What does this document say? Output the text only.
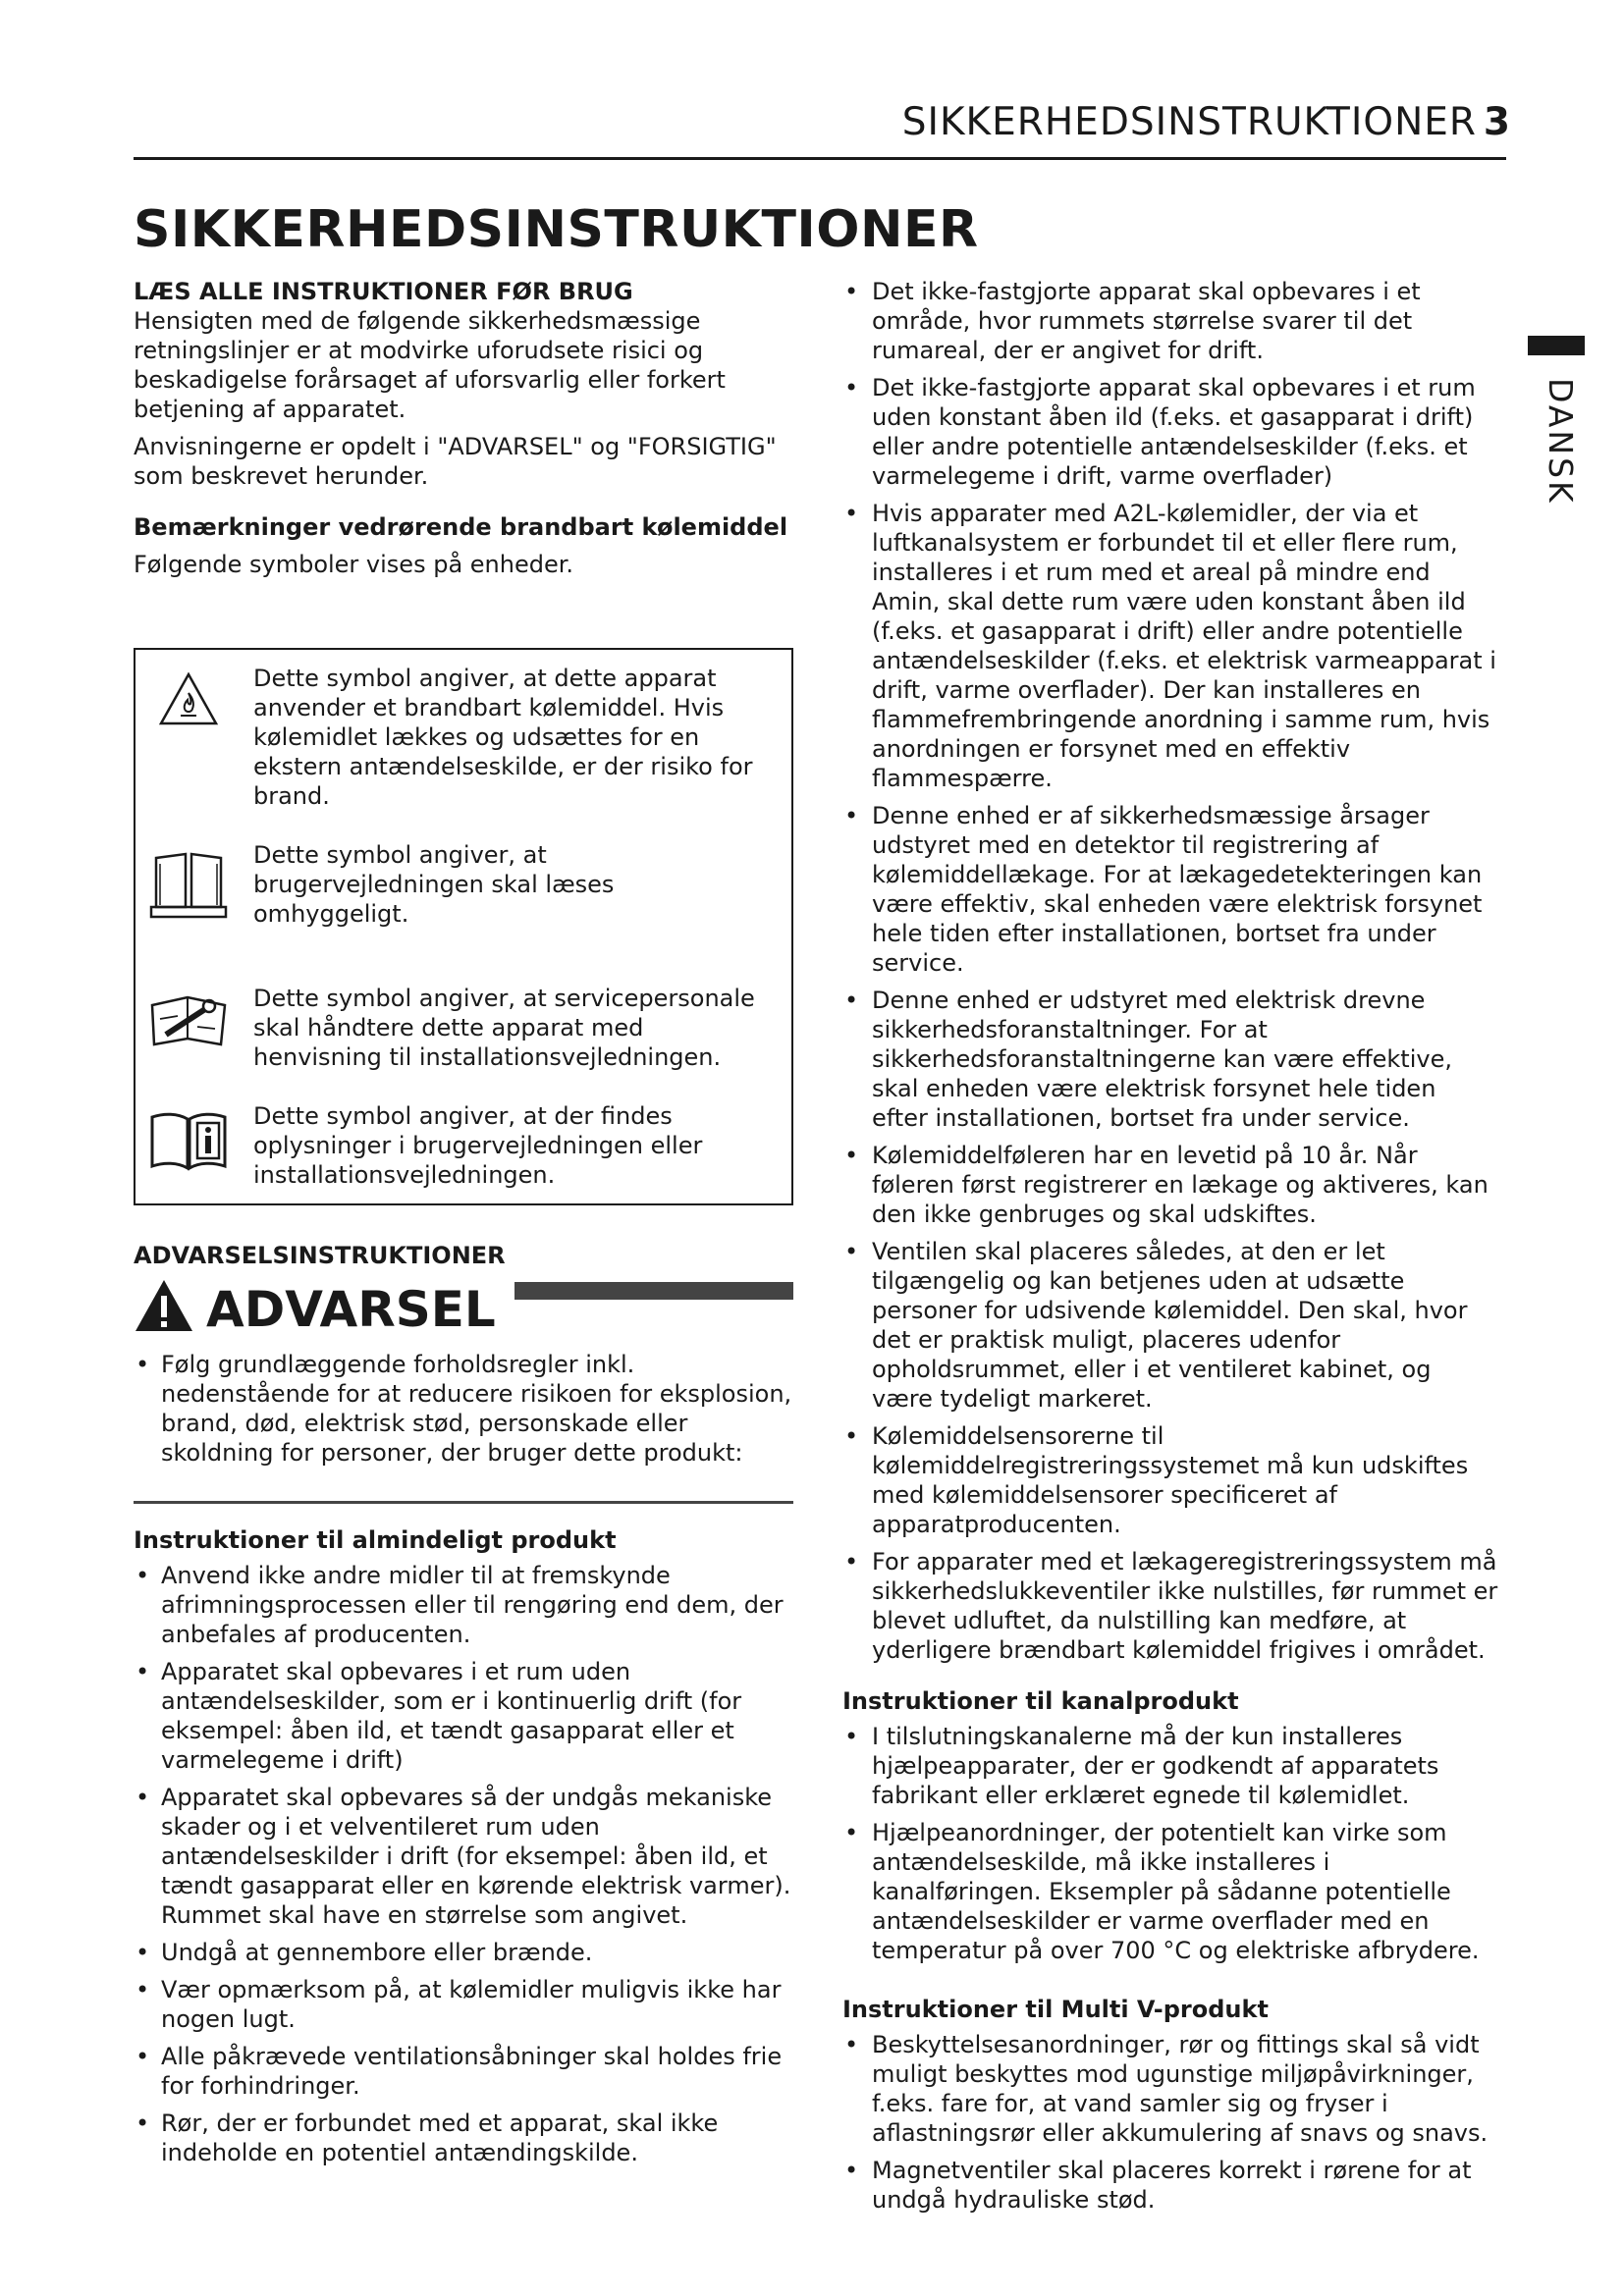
SIKKERHEDSINSTRUKTIONER 3
SIKKERHEDSINSTRUKTIONER
DANSK

LÆS ALLE INSTRUKTIONER FØR BRUG

Hensigten med de følgende sikkerhedsmæssige retningslinjer er at modvirke uforudsete risici og beskadigelse forårsaget af uforsvarlig eller forkert betjening af apparatet.

Anvisningerne er opdelt i "ADVARSEL" og "FORSIGTIG" som beskrevet herunder.

Bemærkninger vedrørende brandbart kølemiddel

Følgende symboler vises på enheder.

Dette symbol angiver, at dette apparat anvender et brandbart kølemiddel. Hvis kølemidlet lækkes og udsættes for en ekstern antændelseskilde, er der risiko for brand.
Dette symbol angiver, at brugervejledningen skal læses omhyggeligt.
Dette symbol angiver, at servicepersonale skal håndtere dette apparat med henvisning til installationsvejledningen.
Dette symbol angiver, at der findes oplysninger i brugervejledningen eller installationsvejledningen.

ADVARSELSINSTRUKTIONER

ADVARSEL
• Følg grundlæggende forholdsregler inkl. nedenstående for at reducere risikoen for eksplosion, brand, død, elektrisk stød, personskade eller skoldning for personer, der bruger dette produkt:

Instruktioner til almindeligt produkt

• Anvend ikke andre midler til at fremskynde afrimningsprocessen eller til rengøring end dem, der anbefales af producenten.
• Apparatet skal opbevares i et rum uden antændelseskilder, som er i kontinuerlig drift (for eksempel: åben ild, et tændt gasapparat eller et varmelegeme i drift)
• Apparatet skal opbevares så der undgås mekaniske skader og i et velventileret rum uden antændelseskilder i drift (for eksempel: åben ild, et tændt gasapparat eller en kørende elektrisk varmer). Rummet skal have en størrelse som angivet.
• Undgå at gennembore eller brænde.
• Vær opmærksom på, at kølemidler muligvis ikke har nogen lugt.
• Alle påkrævede ventilationsåbninger skal holdes frie for forhindringer.
• Rør, der er forbundet med et apparat, skal ikke indeholde en potentiel antændingskilde.
• Det ikke-fastgjorte apparat skal opbevares i et område, hvor rummets størrelse svarer til det rumareal, der er angivet for drift.
• Det ikke-fastgjorte apparat skal opbevares i et rum uden konstant åben ild (f.eks. et gasapparat i drift) eller andre potentielle antændelseskilder (f.eks. et varmelegeme i drift, varme overflader)
• Hvis apparater med A2L-kølemidler, der via et luftkanalsystem er forbundet til et eller flere rum, installeres i et rum med et areal på mindre end Amin, skal dette rum være uden konstant åben ild (f.eks. et gasapparat i drift) eller andre potentielle antændelseskilder (f.eks. et elektrisk varmeapparat i drift, varme overflader). Der kan installeres en flammefrembringende anordning i samme rum, hvis anordningen er forsynet med en effektiv flammespærre.
• Denne enhed er af sikkerhedsmæssige årsager udstyret med en detektor til registrering af kølemiddellækage. For at lækagedetekteringen kan være effektiv, skal enheden være elektrisk forsynet hele tiden efter installationen, bortset fra under service.
• Denne enhed er udstyret med elektrisk drevne sikkerhedsforanstaltninger. For at sikkerhedsforanstaltningerne kan være effektive, skal enheden være elektrisk forsynet hele tiden efter installationen, bortset fra under service.
• Kølemiddelføleren har en levetid på 10 år. Når føleren først registrerer en lækage og aktiveres, kan den ikke genbruges og skal udskiftes.
• Ventilen skal placeres således, at den er let tilgængelig og kan betjenes uden at udsætte personer for udsivende kølemiddel. Den skal, hvor det er praktisk muligt, placeres udenfor opholdsrummet, eller i et ventileret kabinet, og være tydeligt markeret.
• Kølemiddelsensorerne til kølemiddelregistreringssystemet må kun udskiftes med kølemiddelsensorer specificeret af apparatproducenten.
• For apparater med et lækageregistreringssystem må sikkerhedslukkeventiler ikke nulstilles, før rummet er blevet udluftet, da nulstilling kan medføre, at yderligere brændbart kølemiddel frigives i området.

Instruktioner til kanalprodukt

• I tilslutningskanalerne må der kun installeres hjælpeapparater, der er godkendt af apparatets fabrikant eller erklæret egnede til kølemidlet.
• Hjælpeanordninger, der potentielt kan virke som antændelseskilde, må ikke installeres i kanalføringen. Eksempler på sådanne potentielle antændelseskilder er varme overflader med en temperatur på over 700 °C og elektriske afbrydere.

Instruktioner til Multi V-produkt

• Beskyttelsesanordninger, rør og fittings skal så vidt muligt beskyttes mod ugunstige miljøpåvirkninger, f.eks. fare for, at vand samler sig og fryser i aflastningsrør eller akkumulering af snavs og snavs.
• Magnetventiler skal placeres korrekt i rørene for at undgå hydrauliske stød.
